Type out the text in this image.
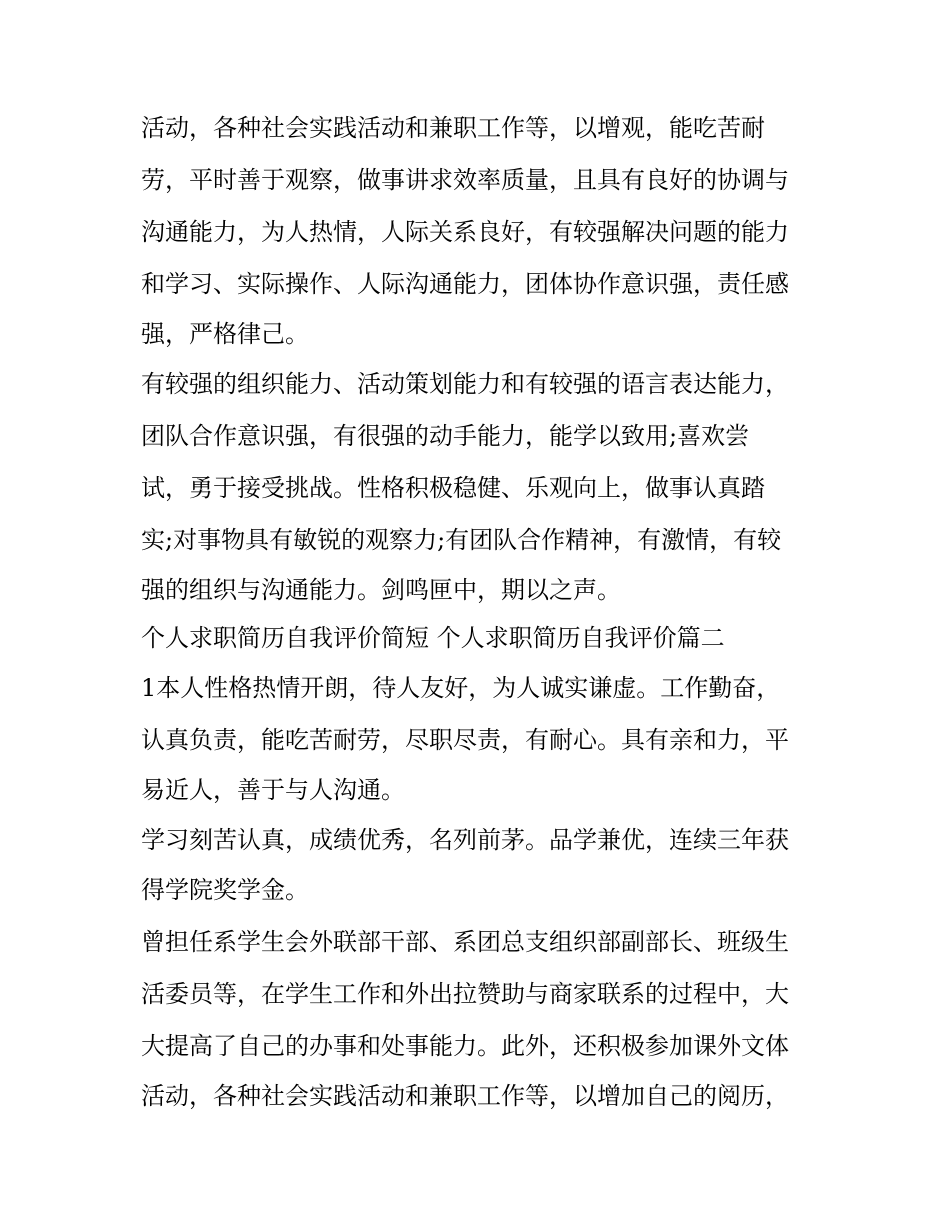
活动，各种社会实践活动和兼职工作等，以增观，能吃苦耐
劳，平时善于观察，做事讲求效率质量，且具有良好的协调与
沟通能力，为人热情，人际关系良好，有较强解决问题的能力
和学习、实际操作、人际沟通能力，团体协作意识强，责任感
强，严格律己。
有较强的组织能力、活动策划能力和有较强的语言表达能力，
团队合作意识强，有很强的动手能力，能学以致用;喜欢尝
试，勇于接受挑战。性格积极稳健、乐观向上，做事认真踏
实;对事物具有敏锐的观察力;有团队合作精神，有激情，有较
强的组织与沟通能力。剑鸣匣中，期以之声。
个人求职简历自我评价简短 个人求职简历自我评价篇二
1本人性格热情开朗，待人友好，为人诚实谦虚。工作勤奋，
认真负责，能吃苦耐劳，尽职尽责，有耐心。具有亲和力，平
易近人，善于与人沟通。
学习刻苦认真，成绩优秀，名列前茅。品学兼优，连续三年获
得学院奖学金。
曾担任系学生会外联部干部、系团总支组织部副部长、班级生
活委员等，在学生工作和外出拉赞助与商家联系的过程中，大
大提高了自己的办事和处事能力。此外，还积极参加课外文体
活动，各种社会实践活动和兼职工作等，以增加自己的阅历，
